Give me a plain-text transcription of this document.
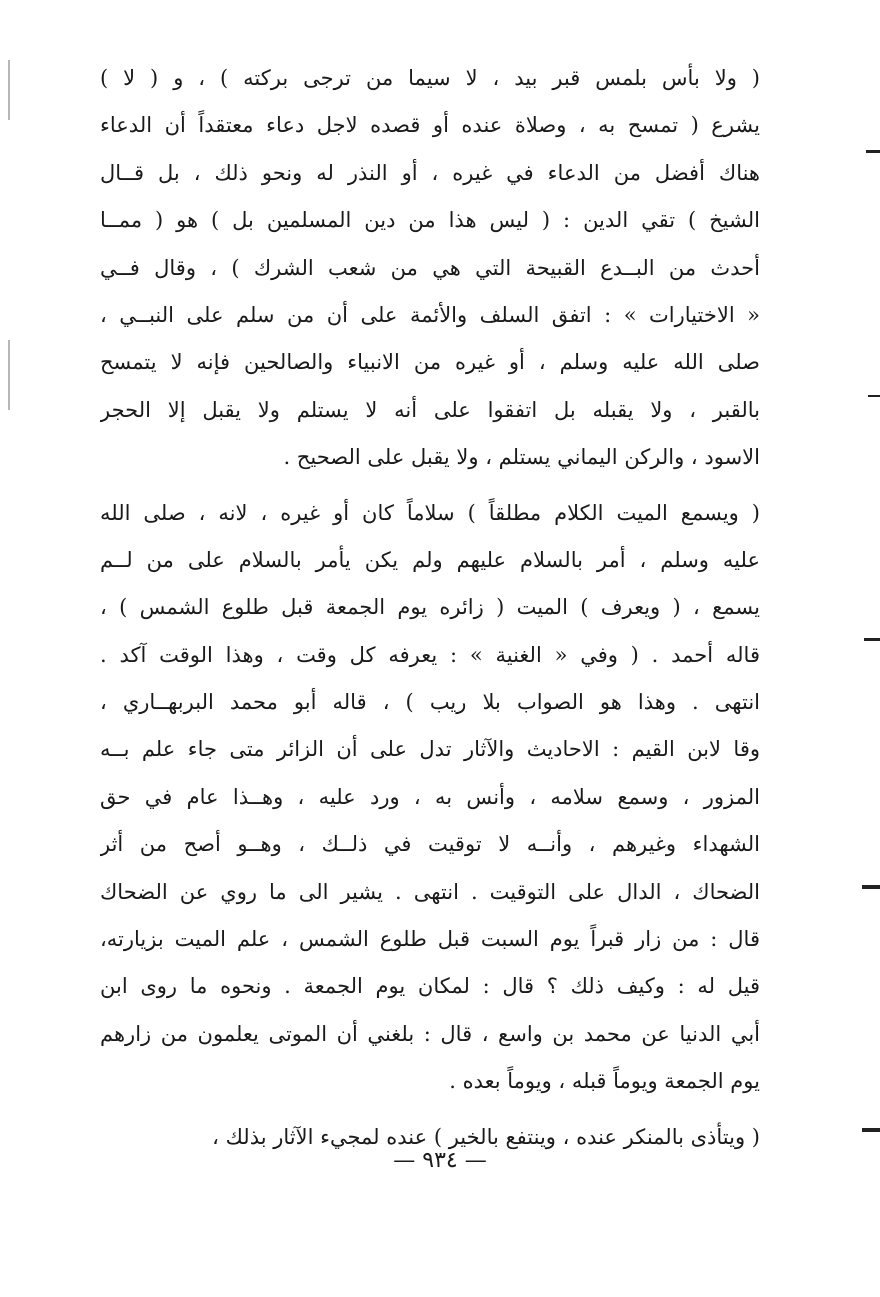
( ولا بأس بلمس قبر بيد ، لا سيما من ترجى بركته ) ، و ( لا )
يشرع ( تمسح به ، وصلاة عنده أو قصده لاجل دعاء معتقداً أن الدعاء
هناك أفضل من الدعاء في غيره ، أو النذر له ونحو ذلك ، بل قــال
الشيخ ) تقي الدين : ( ليس هذا من دين المسلمين بل ) هو ( ممــا
أحدث من البــدع القبيحة التي هي من شعب الشرك ) ، وقال فــي
« الاختيارات » : اتفق السلف والأئمة على أن من سلم على النبــي ،
صلى الله عليه وسلم ، أو غيره من الانبياء والصالحين فإنه لا يتمسح
بالقبر ، ولا يقبله بل اتفقوا على أنه لا يستلم ولا يقبل إلا الحجر
الاسود ، والركن اليماني يستلم ، ولا يقبل على الصحيح .
( ويسمع الميت الكلام مطلقاً ) سلاماً كان أو غيره ، لانه ، صلى الله
عليه وسلم ، أمر بالسلام عليهم ولم يكن يأمر بالسلام على من لــم
يسمع ، ( ويعرف ) الميت ( زائره يوم الجمعة قبل طلوع الشمس ) ،
قاله أحمد . ( وفي « الغنية » : يعرفه كل وقت ، وهذا الوقت آكد .
انتهى . وهذا هو الصواب بلا ريب ) ، قاله أبو محمد البربهــاري ،
وقا لابن القيم : الاحاديث والآثار تدل على أن الزائر متى جاء علم بــه
المزور ، وسمع سلامه ، وأنس به ، ورد عليه ، وهــذا عام في حق
الشهداء وغيرهم ، وأنــه لا توقيت في ذلــك ، وهــو أصح من أثر
الضحاك ، الدال على التوقيت . انتهى . يشير الى ما روي عن الضحاك
قال : من زار قبراً يوم السبت قبل طلوع الشمس ، علم الميت بزيارته،
قيل له : وكيف ذلك ؟ قال : لمكان يوم الجمعة . ونحوه ما روى ابن
أبي الدنيا عن محمد بن واسع ، قال : بلغني أن الموتى يعلمون من زارهم
يوم الجمعة ويوماً قبله ، ويوماً بعده .
( ويتأذى بالمنكر عنده ، وينتفع بالخير ) عنده لمجيء الآثار بذلك ،
— ٩٣٤ —
